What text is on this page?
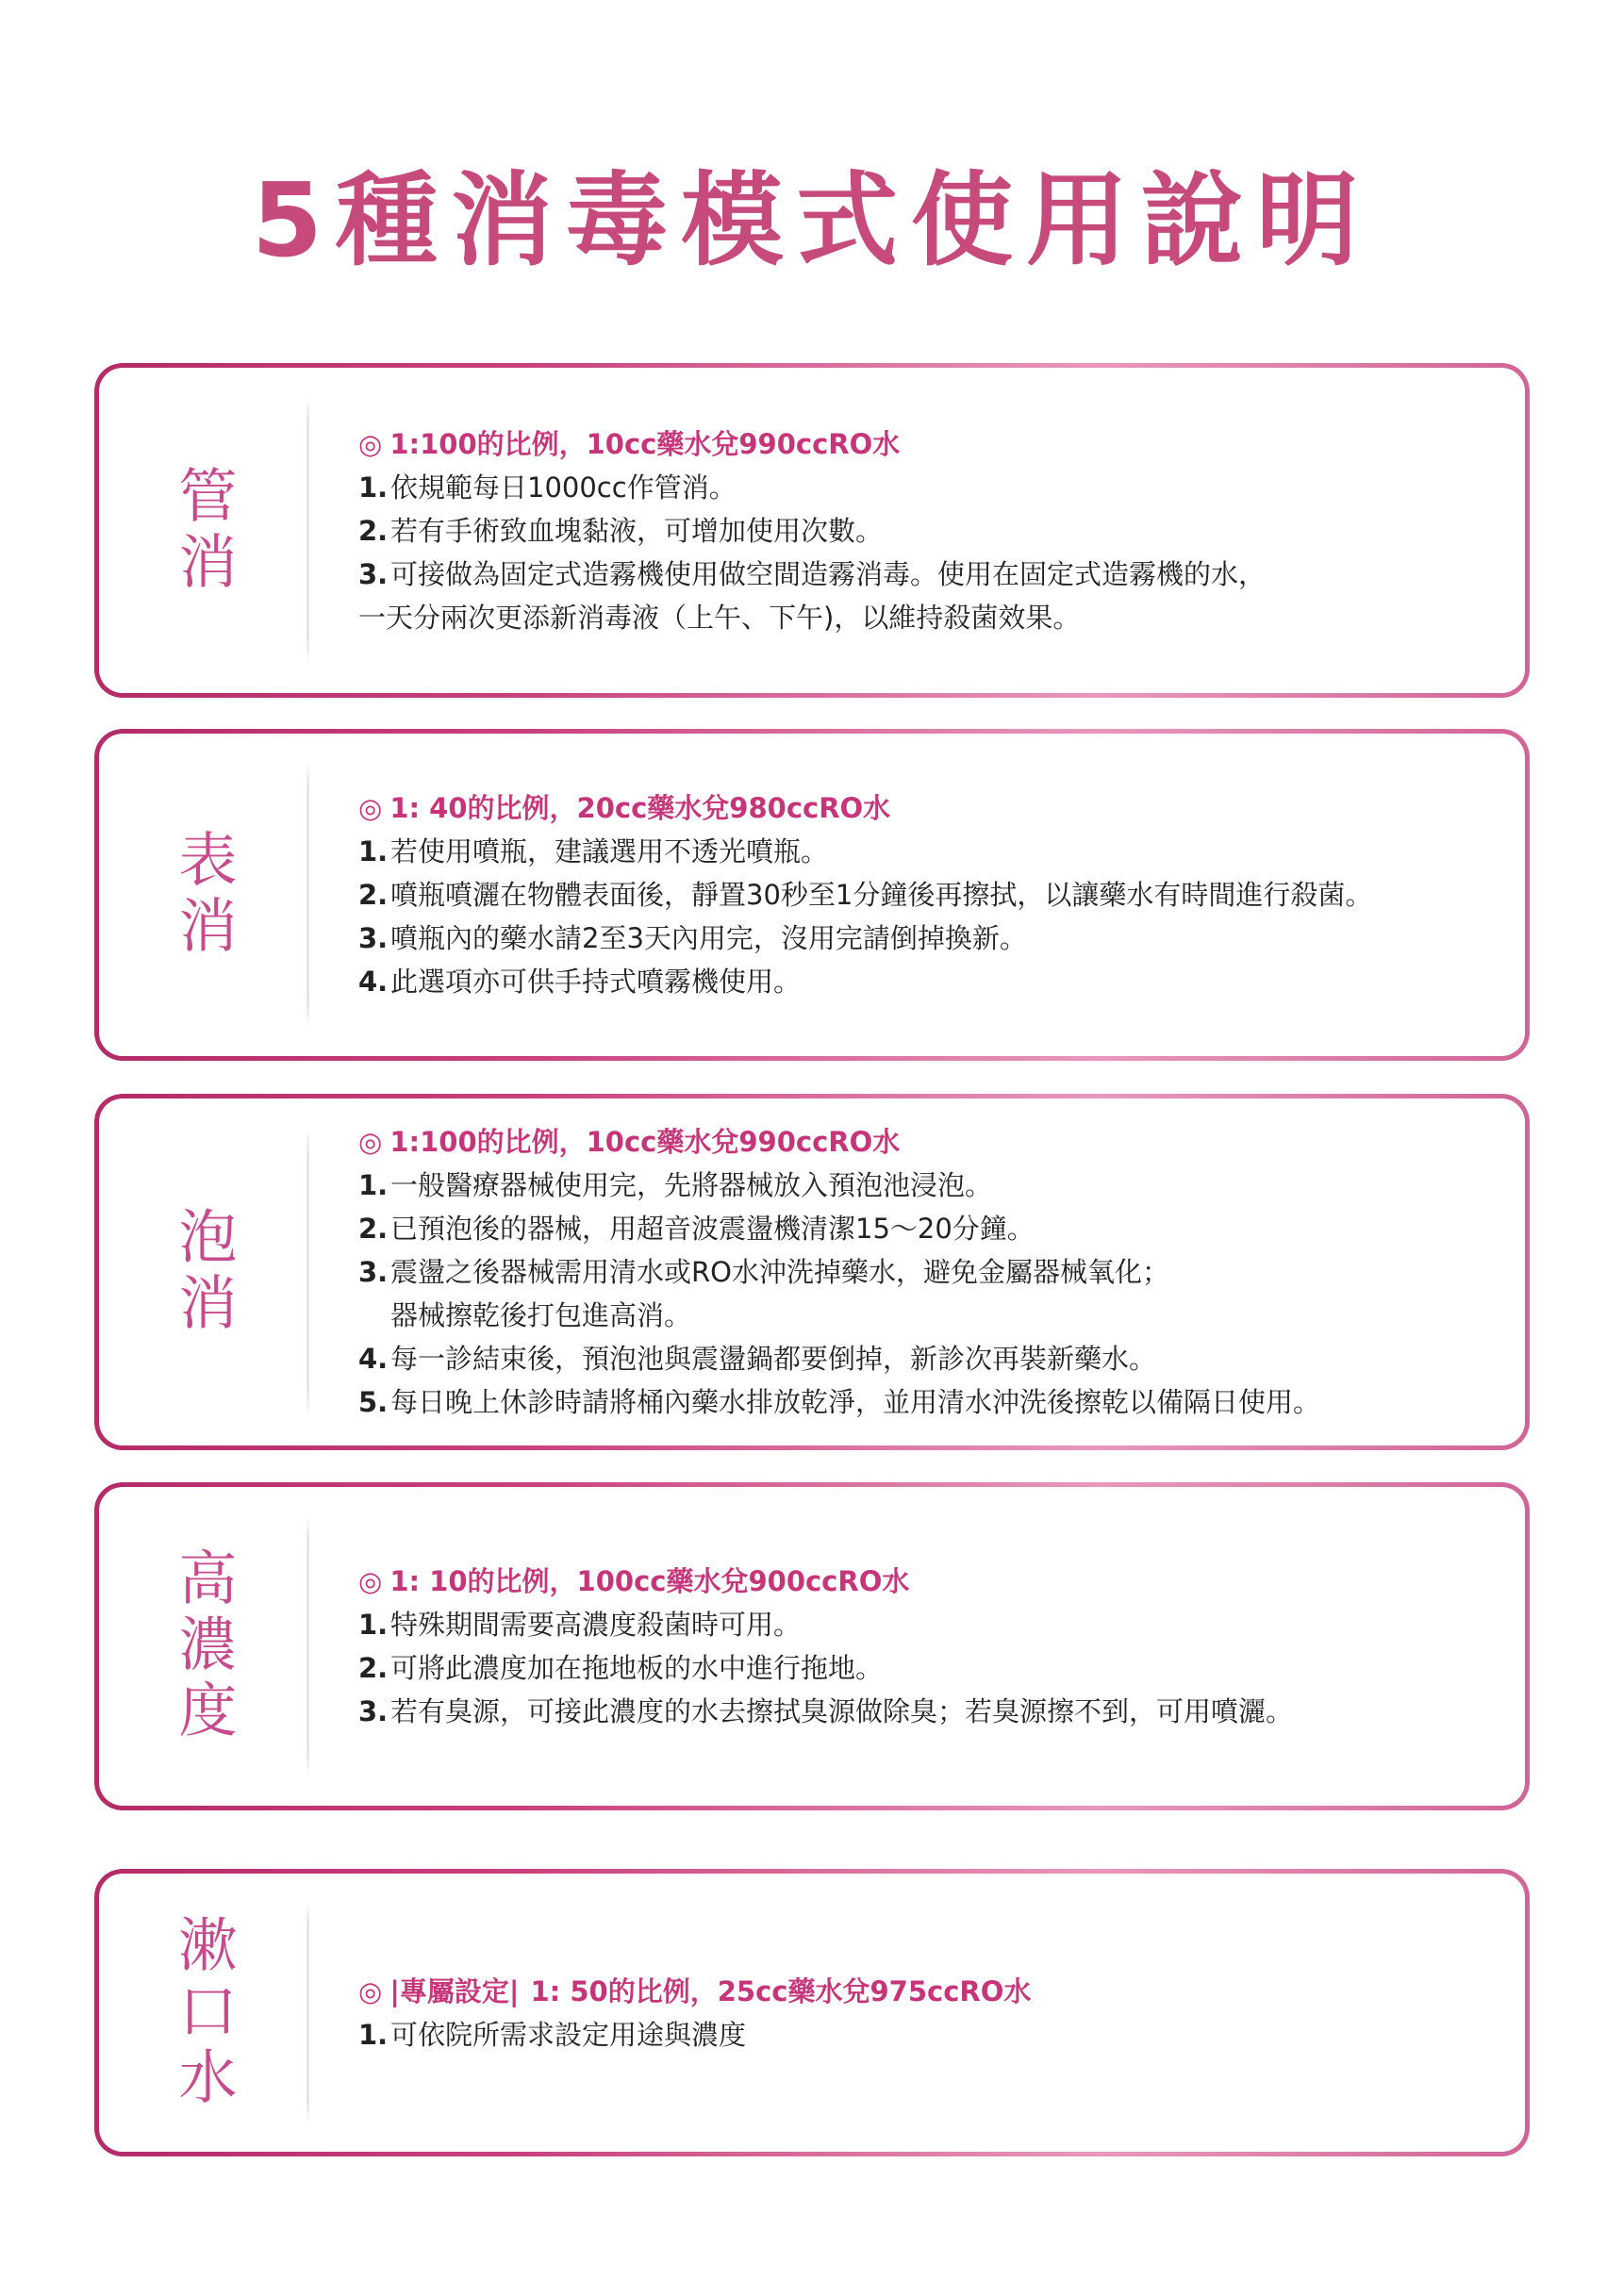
5種消毒模式使用說明
管消
◎ 1:100的比例，10cc藥水兌990ccRO水
1. 依規範每日1000cc作管消。
2. 若有手術致血塊黏液，可增加使用次數。
3. 可接做為固定式造霧機使用做空間造霧消毒。使用在固定式造霧機的水，
一天分兩次更添新消毒液（上午、下午)，以維持殺菌效果。
表消
◎ 1: 40的比例，20cc藥水兌980ccRO水
1. 若使用噴瓶，建議選用不透光噴瓶。
2. 噴瓶噴灑在物體表面後，靜置30秒至1分鐘後再擦拭，以讓藥水有時間進行殺菌。
3. 噴瓶內的藥水請2至3天內用完，沒用完請倒掉換新。
4. 此選項亦可供手持式噴霧機使用。
泡消
◎ 1:100的比例，10cc藥水兌990ccRO水
1. 一般醫療器械使用完，先將器械放入預泡池浸泡。
2. 已預泡後的器械，用超音波震盪機清潔15～20分鐘。
3. 震盪之後器械需用清水或RO水沖洗掉藥水，避免金屬器械氧化；
器械擦乾後打包進高消。
4. 每一診結束後，預泡池與震盪鍋都要倒掉，新診次再裝新藥水。
5. 每日晚上休診時請將桶內藥水排放乾淨，並用清水沖洗後擦乾以備隔日使用。
高濃度	◎ 1: 10的比例，100cc藥水兌900ccRO水
1. 特殊期間需要高濃度殺菌時可用。
2. 可將此濃度加在拖地板的水中進行拖地。
3. 若有臭源，可接此濃度的水去擦拭臭源做除臭；若臭源擦不到，可用噴灑。
漱口水	◎ |專屬設定| 1: 50的比例，25cc藥水兌975ccRO水
1. 可依院所需求設定用途與濃度
